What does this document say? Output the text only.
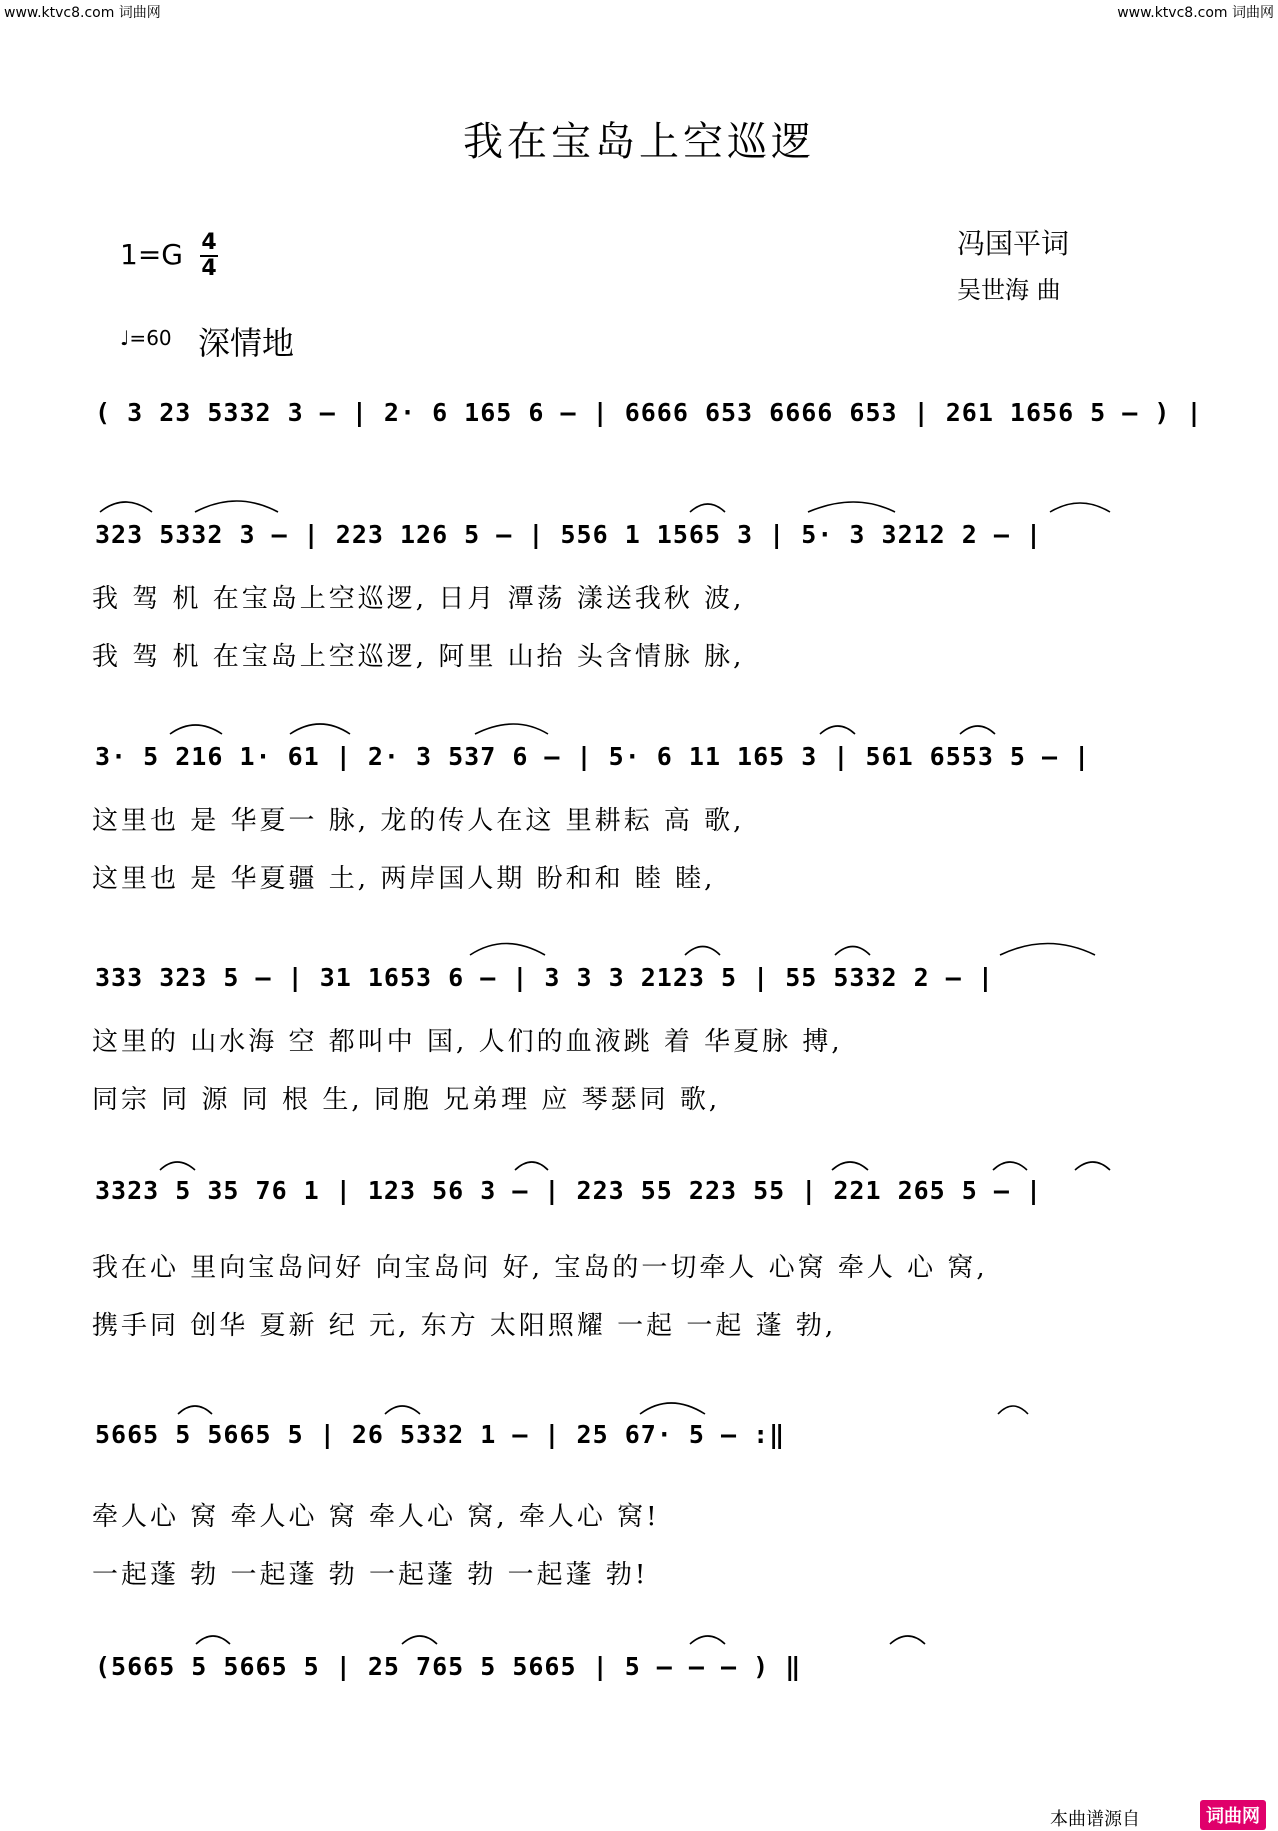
www.ktvc8.com 词曲网	www.ktvc8.com 词曲网
我在宝岛上空巡逻
冯国平词
吴世海 曲
1=G 4
4
♩=60 深情地
( 3 23 5332 3 – | 2· 6 165 6 – | 6666 653 6666 653 | 261 1656 5 – ) |
323 5332 3 – | 223 126 5 – | 556 1 1565 3 | 5· 3 3212 2 – |
我 驾 机 在宝岛上空巡逻, 日月 潭荡 漾送我秋 波,
我 驾 机 在宝岛上空巡逻, 阿里 山抬 头含情脉 脉,
3· 5 216 1· 61 | 2· 3 537 6 – | 5· 6 11 165 3 | 561 6553 5 – |
这里也 是 华夏一 脉, 龙的传人在这 里耕耘 高 歌,
这里也 是 华夏疆 土, 两岸国人期 盼和和 睦 睦,
333 323 5 – | 31 1653 6 – | 3 3 3 2123 5 | 55 5332 2 – |
这里的 山水海 空 都叫中 国, 人们的血液跳 着 华夏脉 搏,
同宗 同 源 同 根 生, 同胞 兄弟理 应 琴瑟同 歌,
3323 5 35 76 1 | 123 56 3 – | 223 55 223 55 | 221 265 5 – |
我在心 里向宝岛问好 向宝岛问 好, 宝岛的一切牵人 心窝 牵人 心 窝,
携手同 创华 夏新 纪 元, 东方 太阳照耀 一起 一起 蓬 勃,
5665 5 5665 5 | 26 5332 1 – | 25 67· 5 – :‖
牵人心 窝 牵人心 窝 牵人心 窝, 牵人心 窝!
一起蓬 勃 一起蓬 勃 一起蓬 勃 一起蓬 勃!
(5665 5 5665 5 | 25 765 5 5665 | 5 – – – ) ‖
本曲谱源自	词曲网
